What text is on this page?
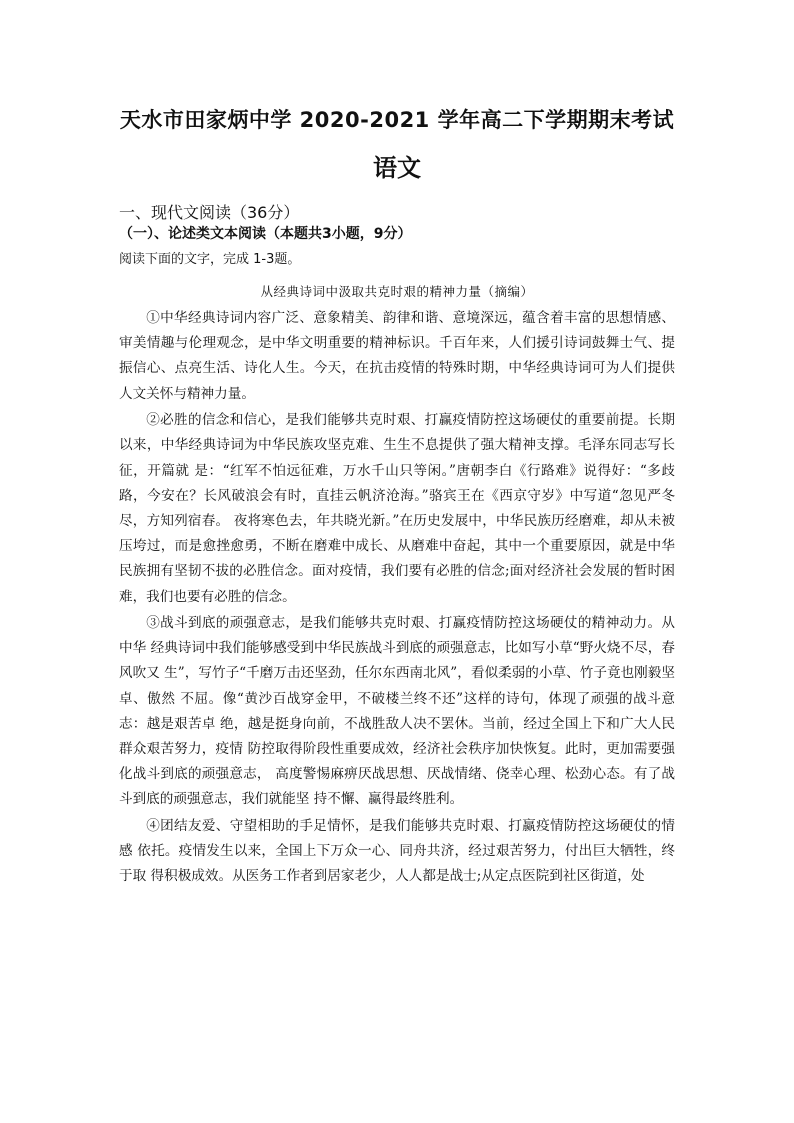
天水市田家炳中学 2020-2021 学年高二下学期期末考试
语文
一、现代文阅读（36分）
（一）、论述类文本阅读（本题共3小题，9分）
阅读下面的文字，完成 1-3题。
从经典诗词中汲取共克时艰的精神力量（摘编）

①中华经典诗词内容广泛、意象精美、韵律和谐、意境深远，蕴含着丰富的思想情感、审美情趣与伦理观念，是中华文明重要的精神标识。千百年来，人们援引诗词鼓舞士气、提振信心、点亮生活、诗化人生。今天，在抗击疫情的特殊时期，中华经典诗词可为人们提供人文关怀与精神力量。

②必胜的信念和信心，是我们能够共克时艰、打赢疫情防控这场硬仗的重要前提。长期以来，中华经典诗词为中华民族攻坚克难、生生不息提供了强大精神支撑。毛泽东同志写长征，开篇就 是：“红军不怕远征难，万水千山只等闲。”唐朝李白《行路难》说得好：“多歧路，今安在？长风破浪会有时，直挂云帆济沧海。”骆宾王在《西京守岁》中写道“忽见严冬尽，方知列宿春。 夜将寒色去，年共晓光新。”在历史发展中，中华民族历经磨难，却从未被压垮过，而是愈挫愈勇，不断在磨难中成长、从磨难中奋起，其中一个重要原因，就是中华民族拥有坚韧不拔的必胜信念。面对疫情，我们要有必胜的信念;面对经济社会发展的暂时困难，我们也要有必胜的信念。

③战斗到底的顽强意志，是我们能够共克时艰、打赢疫情防控这场硬仗的精神动力。从中华 经典诗词中我们能够感受到中华民族战斗到底的顽强意志，比如写小草“野火烧不尽，春风吹又 生”，写竹子“千磨万击还坚劲，任尔东西南北风”，看似柔弱的小草、竹子竟也刚毅坚卓、傲然 不屈。像“黄沙百战穿金甲，不破楼兰终不还”这样的诗句，体现了顽强的战斗意志：越是艰苦卓 绝，越是挺身向前，不战胜敌人决不罢休。当前，经过全国上下和广大人民群众艰苦努力，疫情 防控取得阶段性重要成效，经济社会秩序加快恢复。此时，更加需要强化战斗到底的顽强意志， 高度警惕麻痹厌战思想、厌战情绪、侥幸心理、松劲心态。有了战斗到底的顽强意志，我们就能坚 持不懈、赢得最终胜利。

④团结友爱、守望相助的手足情怀，是我们能够共克时艰、打赢疫情防控这场硬仗的情感 依托。疫情发生以来，全国上下万众一心、同舟共济，经过艰苦努力，付出巨大牺牲，终于取 得积极成效。从医务工作者到居家老少，人人都是战士;从定点医院到社区街道，处
